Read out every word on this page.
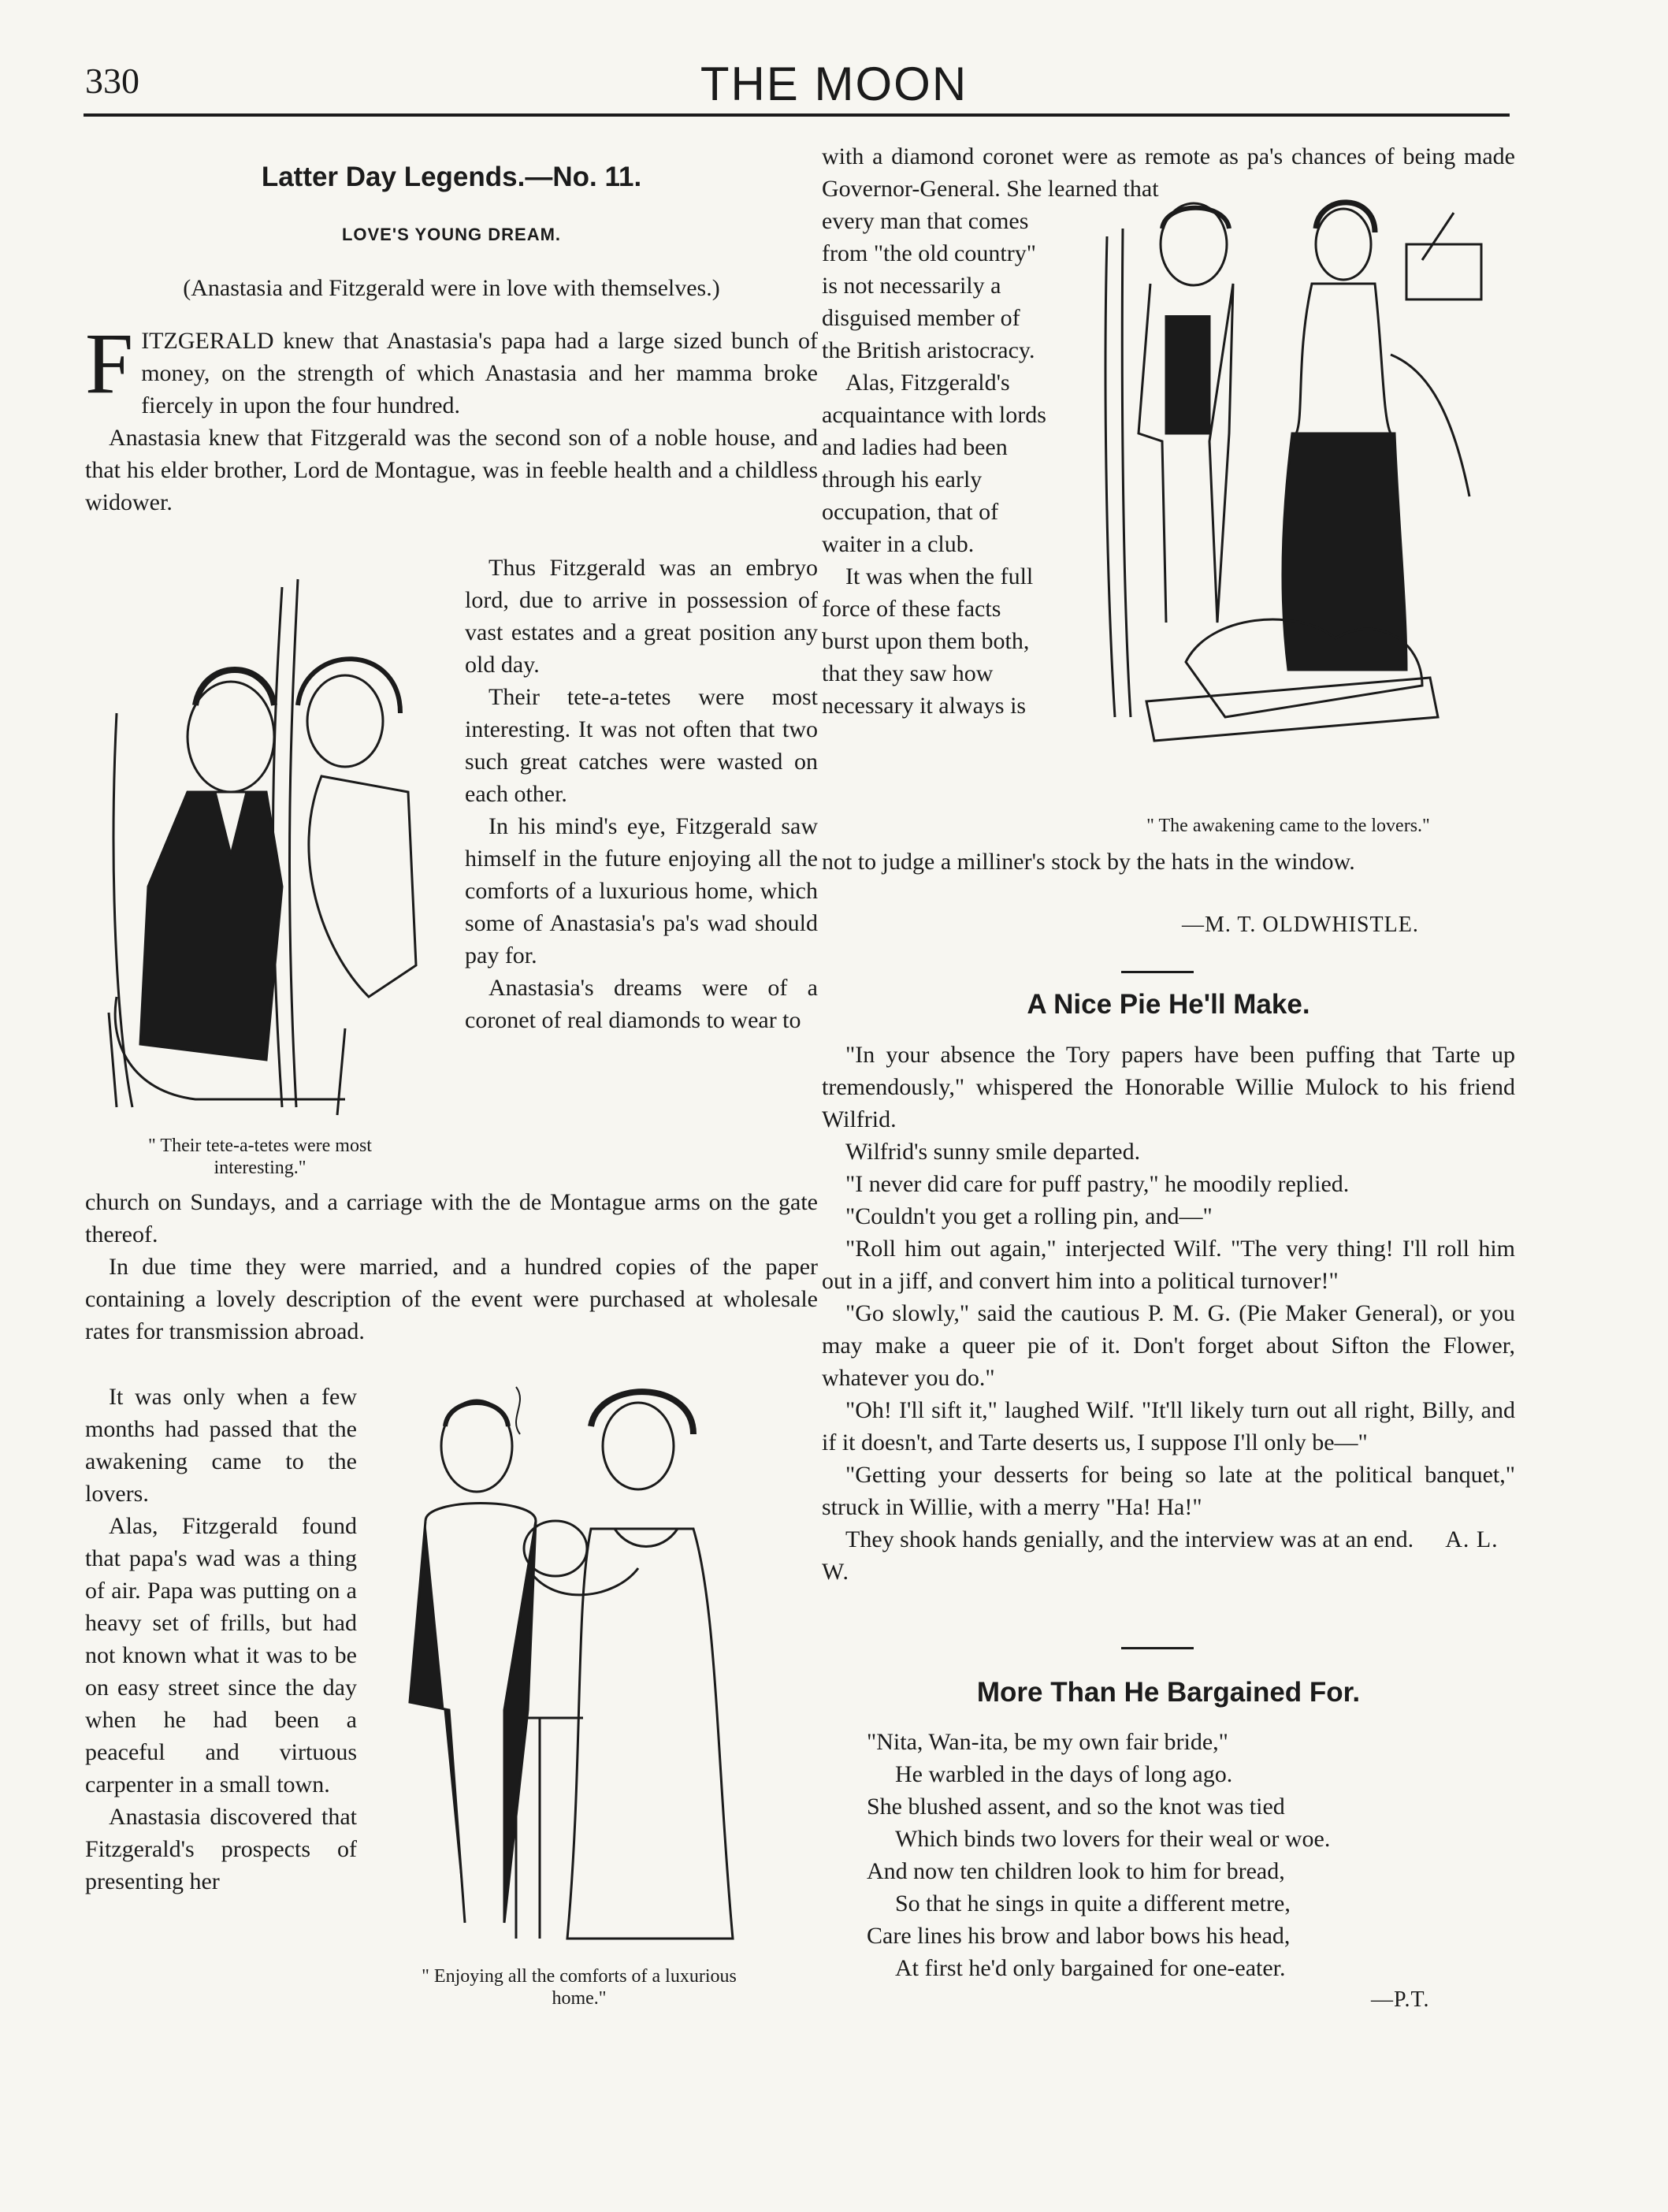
330	THE MOON
Latter Day Legends.—No. 11.
LOVE'S YOUNG DREAM.
(Anastasia and Fitzgerald were in love with themselves.)

FITZGERALD knew that Anastasia's papa had a large sized bunch of money, on the strength of which Anastasia and her mamma broke fiercely in upon the four hundred.

Anastasia knew that Fitzgerald was the second son of a noble house, and that his elder brother, Lord de Montague, was in feeble health and a childless widower.

" Their tete-a-tetes were most interesting."

Thus Fitzgerald was an embryo lord, due to arrive in possession of vast estates and a great position any old day.

Their tete-a-tetes were most interesting. It was not often that two such great catches were wasted on each other.

In his mind's eye, Fitzgerald saw himself in the future enjoying all the comforts of a luxurious home, which some of Anastasia's pa's wad should pay for.

Anastasia's dreams were of a coronet of real diamonds to wear to

church on Sundays, and a carriage with the de Montague arms on the gate thereof.

In due time they were married, and a hundred copies of the paper containing a lovely description of the event were purchased at wholesale rates for transmission abroad.

It was only when a few months had passed that the awakening came to the lovers.

Alas, Fitzgerald found that papa's wad was a thing of air. Papa was putting on a heavy set of frills, but had not known what it was to be on easy street since the day when he had been a peaceful and virtuous carpenter in a small town.

Anastasia discovered that Fitzgerald's prospects of presenting her

" Enjoying all the comforts of a luxurious home."

with a diamond coronet were as remote as pa's chances of being made Governor-General. She learned that

every man that comes from "the old country" is not necessarily a disguised member of the British aristocracy.

Alas, Fitzgerald's acquaintance with lords and ladies had been through his early occupation, that of waiter in a club.

It was when the full force of these facts burst upon them both, that they saw how necessary it always is

" The awakening came to the lovers."

not to judge a milliner's stock by the hats in the window.

—M. T. OLDWHISTLE.
A Nice Pie He'll Make.

"In your absence the Tory papers have been puffing that Tarte up tremendously," whispered the Honorable Willie Mulock to his friend Wilfrid.

Wilfrid's sunny smile departed.

"I never did care for puff pastry," he moodily replied.

"Couldn't you get a rolling pin, and—"

"Roll him out again," interjected Wilf. "The very thing! I'll roll him out in a jiff, and convert him into a political turnover!"

"Go slowly," said the cautious P. M. G. (Pie Maker General), or you may make a queer pie of it. Don't forget about Sifton the Flower, whatever you do."

"Oh! I'll sift it," laughed Wilf. "It'll likely turn out all right, Billy, and if it doesn't, and Tarte deserts us, I suppose I'll only be—"

"Getting your desserts for being so late at the political banquet," struck in Willie, with a merry "Ha! Ha!"

They shook hands genially, and the interview was at an end. A. L. W.

More Than He Bargained For.
"Nita, Wan-ita, be my own fair bride,"
He warbled in the days of long ago.
She blushed assent, and so the knot was tied
Which binds two lovers for their weal or woe.
And now ten children look to him for bread,
So that he sings in quite a different metre,
Care lines his brow and labor bows his head,
At first he'd only bargained for one-eater.
—P.T.
